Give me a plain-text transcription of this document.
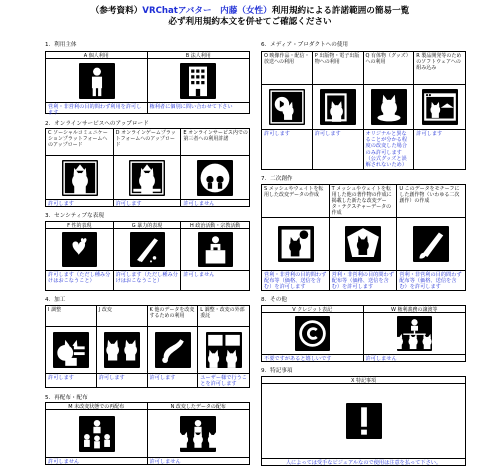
（参考資料）VRChatアバター　内藤（女性）利用規約による許諾範囲の簡易一覧
必ず利用規約本文を併せてご確認ください
1．利用主体
2．オンラインサービスへのアップロード
3．センシティブな表現
4．加工
5．再配布・配布
6．メディア・プロダクトへの使用
7．二次創作
8．その他
9．特記事項
A 個人利用
営利・非営利の目的問わず利用を許可します
B 法人利用
権利者に個別に問い合わせて下さい
C ソーシャルコミュニケーションプラットフォームへのアップロード
許可します
D オンラインゲームプラットフォームへのアップロード
許可します
E オンラインサービス内での第三者への利用許諾
許可しません
F 性的表現
許可します（ただし種み分けはおこなうこと）
G 暴力的表現
許可します（ただし種み分けはおこなうこと）
H 政治活動・宗教活動
許可しません
I 調整
許可します
J 改変
許可します
K 他のデータを改変するための利用
許可します
L 調整・改変の外部委託
ユーザー様で行うことを許可します
M 未改変状態での再配布
許可しません
N 改変したデータの配布
許可しません
O 映像作品・配信・放送への利用
許可します
P 出版物・電子出版物への利用
許可します
Q 有体物（グッズ）への利用
オリジナルと異なることが分かる程度の改変した場合のみ許可します（公式グッズと誤解されないため）
R 製品開発等のためのソフトウェアへの組み込み
許可します
S メッシュやウェイトを転用した改変データの作成
営利・非営利の目的問わず配布等（価格、送信を含む）を許可します
T メッシュやウェイトを転用した他の著作物の作成に掲載した新たな改変データ・テクスチャーデータの作成
営利・非営利の目的問わず配布等（価格、送信を含む）を許可します
U このデータをモチーフにした創作物（いわゆる二次創作）の作成
営利・非営利の目的問わず配布等（価格、送信を含む）を許可します
V クレジット表記
不要ですがあると嬉しいです
W 権利義務の譲渡等
許可しません
X 特記事項
人によっては受手なビジュアルなので使用は注意を払って下さい。
